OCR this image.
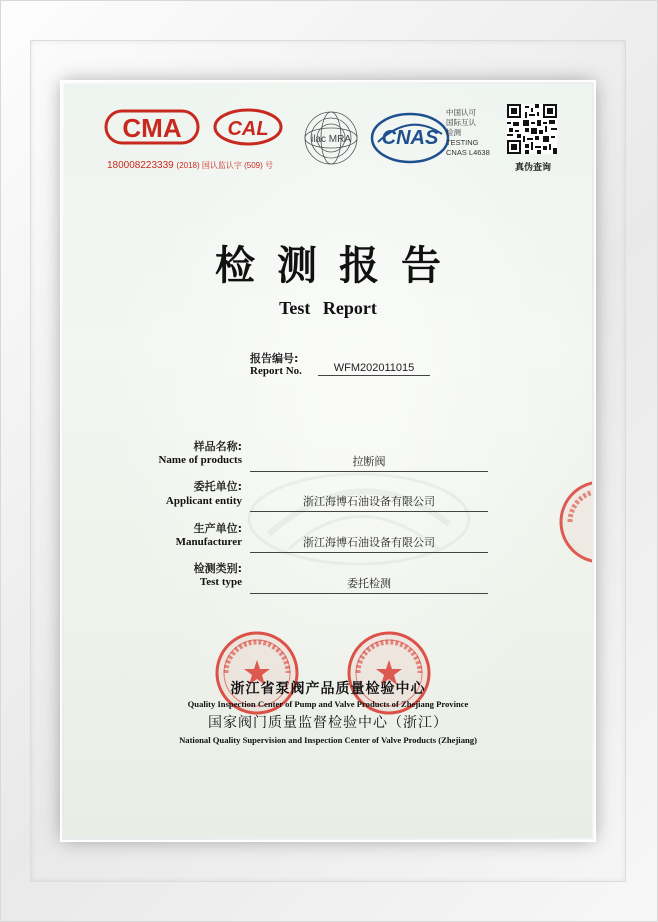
CMA CAL
180008223339 (2018) 国认监认字 (509) 号
ilac MRA CNAS
中国认可
国际互认
检测
TESTING
CNAS L4638
真伪查询
检测报告
Test Report
报告编号:
Report No.	WFM202011015
样品名称:
Name of products	拉断阀
委托单位:
Applicant entity	浙江海博石油设备有限公司
生产单位:
Manufacturer	浙江海博石油设备有限公司
检测类别:
Test type	委托检测
浙江省泵阀产品质量检验中心
Quality Inspection Center of Pump and Valve Products of Zhejiang Province
国家阀门质量监督检验中心（浙江）
National Quality Supervision and Inspection Center of Valve Products (Zhejiang)
